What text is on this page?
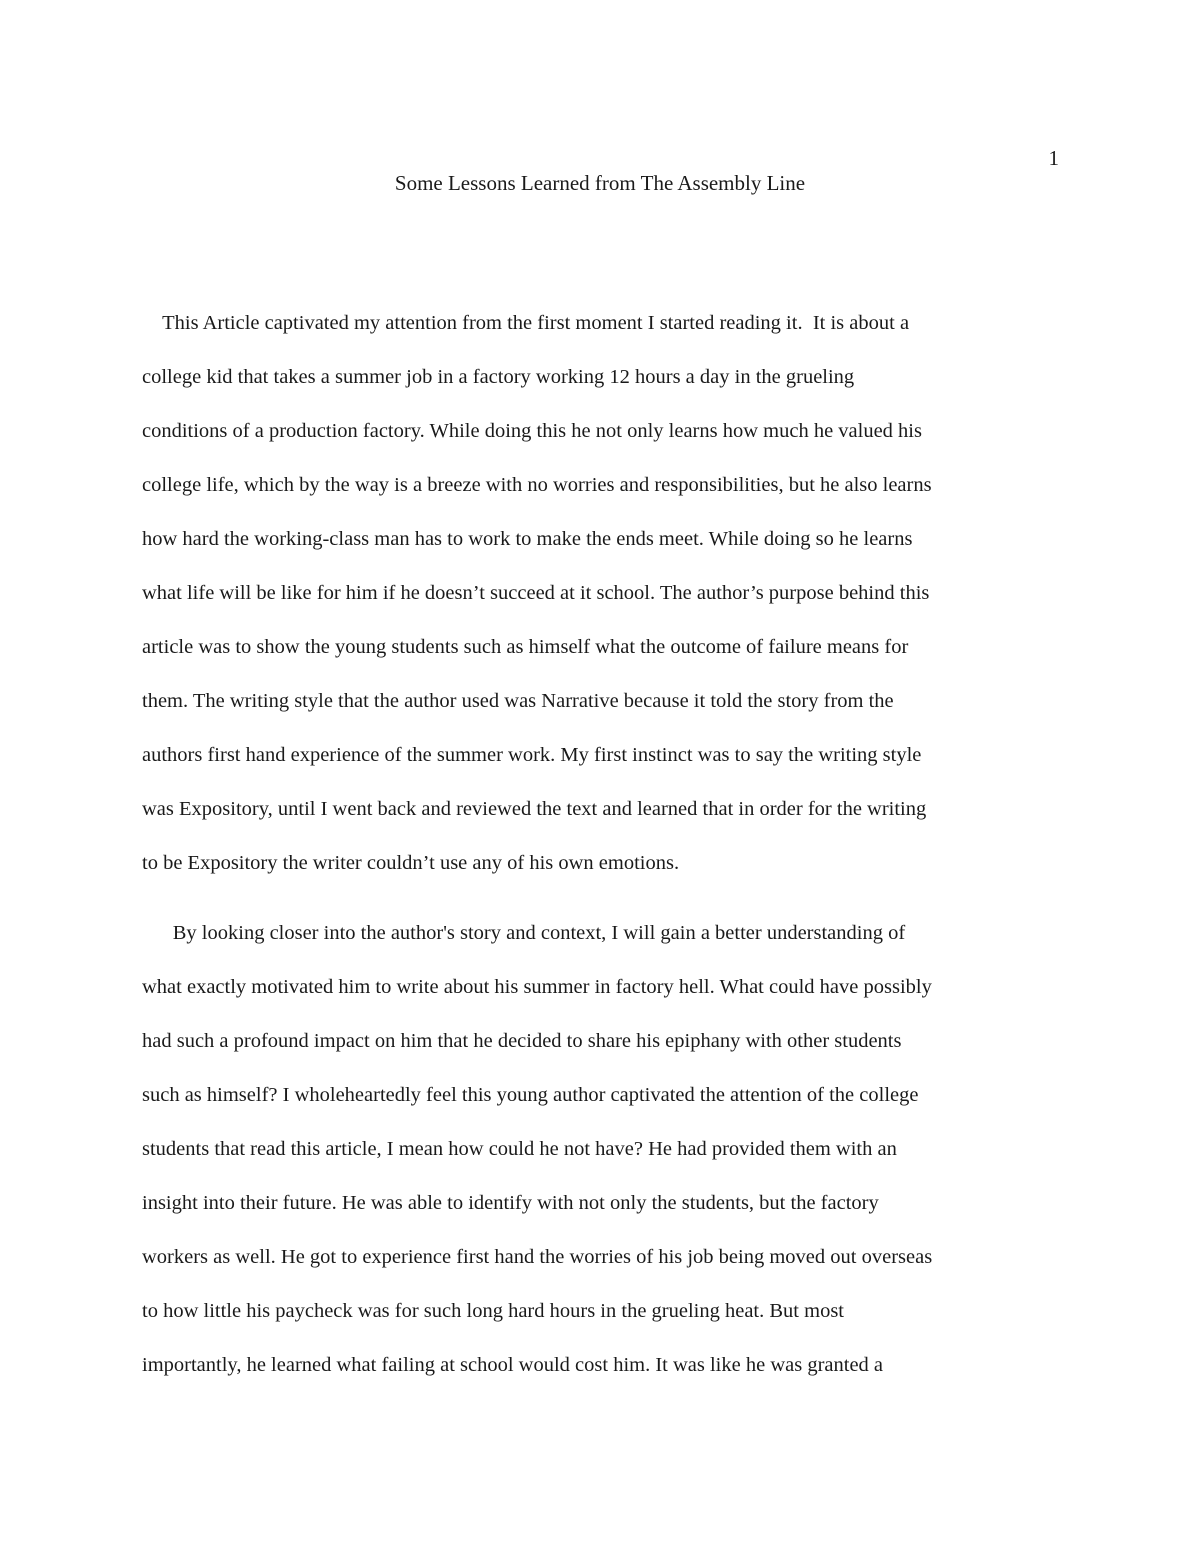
1
Some Lessons Learned from The Assembly Line
This Article captivated my attention from the first moment I started reading it.  It is about a
college kid that takes a summer job in a factory working 12 hours a day in the grueling
conditions of a production factory. While doing this he not only learns how much he valued his
college life, which by the way is a breeze with no worries and responsibilities, but he also learns
how hard the working-class man has to work to make the ends meet. While doing so he learns
what life will be like for him if he doesn’t succeed at it school. The author’s purpose behind this
article was to show the young students such as himself what the outcome of failure means for
them. The writing style that the author used was Narrative because it told the story from the
authors first hand experience of the summer work. My first instinct was to say the writing style
was Expository, until I went back and reviewed the text and learned that in order for the writing
to be Expository the writer couldn’t use any of his own emotions.
By looking closer into the author's story and context, I will gain a better understanding of
what exactly motivated him to write about his summer in factory hell. What could have possibly
had such a profound impact on him that he decided to share his epiphany with other students
such as himself? I wholeheartedly feel this young author captivated the attention of the college
students that read this article, I mean how could he not have? He had provided them with an
insight into their future. He was able to identify with not only the students, but the factory
workers as well. He got to experience first hand the worries of his job being moved out overseas
to how little his paycheck was for such long hard hours in the grueling heat. But most
importantly, he learned what failing at school would cost him. It was like he was granted a
